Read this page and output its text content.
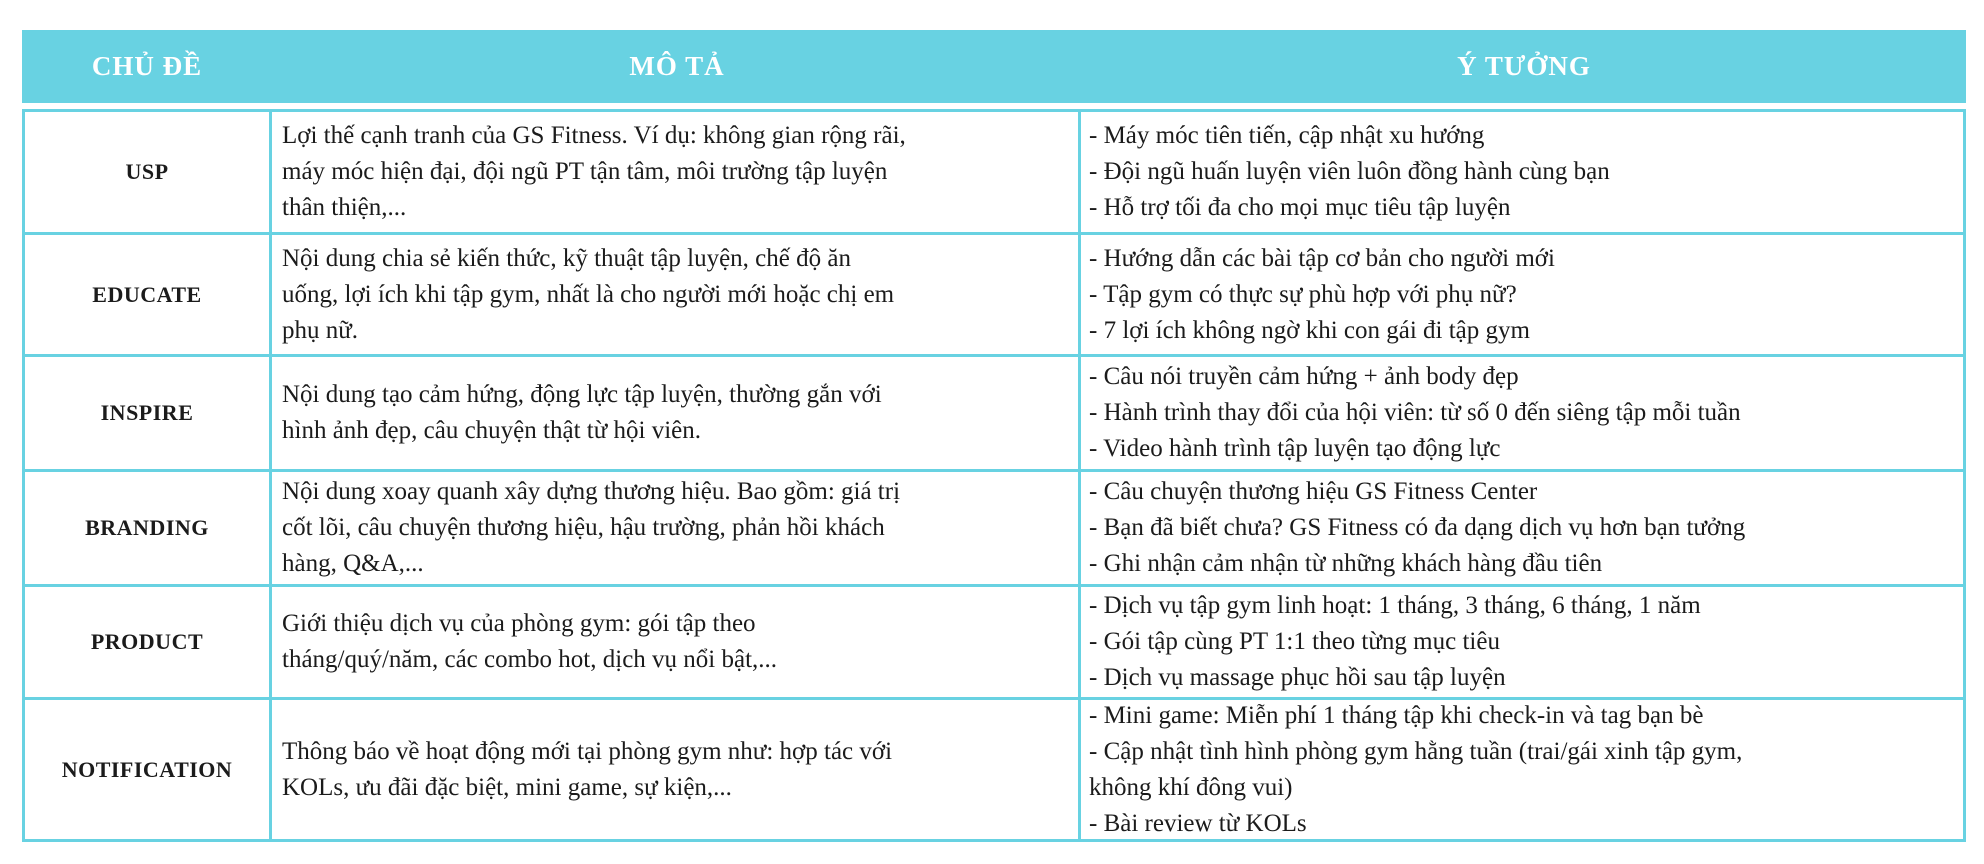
CHỦ ĐỀ	MÔ TẢ	Ý TƯỞNG
USP
Lợi thế cạnh tranh của GS Fitness. Ví dụ: không gian rộng rãi,
máy móc hiện đại, đội ngũ PT tận tâm, môi trường tập luyện
thân thiện,...
- Máy móc tiên tiến, cập nhật xu hướng
- Đội ngũ huấn luyện viên luôn đồng hành cùng bạn
- Hỗ trợ tối đa cho mọi mục tiêu tập luyện
EDUCATE
Nội dung chia sẻ kiến thức, kỹ thuật tập luyện, chế độ ăn
uống, lợi ích khi tập gym, nhất là cho người mới hoặc chị em
phụ nữ.
- Hướng dẫn các bài tập cơ bản cho người mới
- Tập gym có thực sự phù hợp với phụ nữ?
- 7 lợi ích không ngờ khi con gái đi tập gym
INSPIRE
Nội dung tạo cảm hứng, động lực tập luyện, thường gắn với
hình ảnh đẹp, câu chuyện thật từ hội viên.
- Câu nói truyền cảm hứng + ảnh body đẹp
- Hành trình thay đổi của hội viên: từ số 0 đến siêng tập mỗi tuần
- Video hành trình tập luyện tạo động lực
BRANDING
Nội dung xoay quanh xây dựng thương hiệu. Bao gồm: giá trị
cốt lõi, câu chuyện thương hiệu, hậu trường, phản hồi khách
hàng, Q&A,...
- Câu chuyện thương hiệu GS Fitness Center
- Bạn đã biết chưa? GS Fitness có đa dạng dịch vụ hơn bạn tưởng
- Ghi nhận cảm nhận từ những khách hàng đầu tiên
PRODUCT
Giới thiệu dịch vụ của phòng gym: gói tập theo
tháng/quý/năm, các combo hot, dịch vụ nổi bật,...
- Dịch vụ tập gym linh hoạt: 1 tháng, 3 tháng, 6 tháng, 1 năm
- Gói tập cùng PT 1:1 theo từng mục tiêu
- Dịch vụ massage phục hồi sau tập luyện
NOTIFICATION
Thông báo về hoạt động mới tại phòng gym như: hợp tác với
KOLs, ưu đãi đặc biệt, mini game, sự kiện,...
- Mini game: Miễn phí 1 tháng tập khi check-in và tag bạn bè
- Cập nhật tình hình phòng gym hằng tuần (trai/gái xinh tập gym,
không khí đông vui)
- Bài review từ KOLs
